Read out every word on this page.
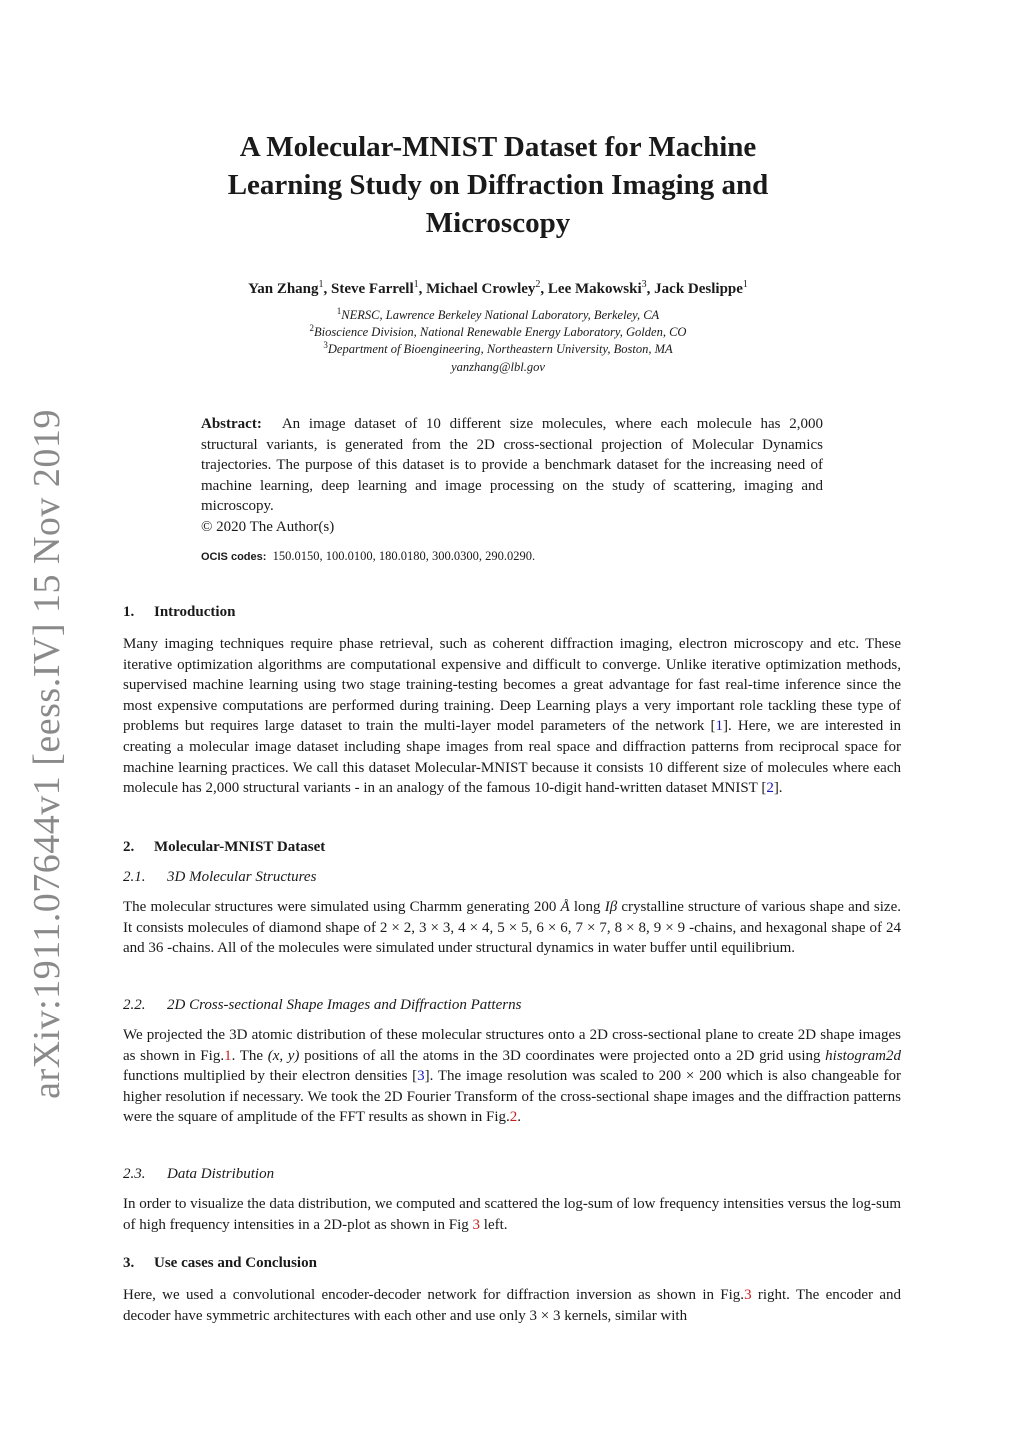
arXiv:1911.07644v1 [eess.IV] 15 Nov 2019
A Molecular-MNIST Dataset for Machine
Learning Study on Diffraction Imaging and
Microscopy
Yan Zhang$^1$, Steve Farrell$^1$, Michael Crowley$^2$, Lee Makowski$^3$, Jack Deslippe$^1$
$^1$NERSC, Lawrence Berkeley National Laboratory, Berkeley, CA
$^2$Bioscience Division, National Renewable Energy Laboratory, Golden, CO
$^3$Department of Bioengineering, Northeastern University, Boston, MA
yanzhang@lbl.gov
Abstract: An image dataset of 10 different size molecules, where each molecule has 2,000 structural variants, is generated from the 2D cross-sectional projection of Molecular Dynamics trajectories. The purpose of this dataset is to provide a benchmark dataset for the increasing need of machine learning, deep learning and image processing on the study of scattering, imaging and microscopy.
© 2020 The Author(s)
OCIS codes: 150.0150, 100.0100, 180.0180, 300.0300, 290.0290.
1. Introduction
Many imaging techniques require phase retrieval, such as coherent diffraction imaging, electron microscopy and etc. These iterative optimization algorithms are computational expensive and difficult to converge. Unlike iterative optimization methods, supervised machine learning using two stage training-testing becomes a great advantage for fast real-time inference since the most expensive computations are performed during training. Deep Learning plays a very important role tackling these type of problems but requires large dataset to train the multi-layer model parameters of the network [1]. Here, we are interested in creating a molecular image dataset including shape images from real space and diffraction patterns from reciprocal space for machine learning practices. We call this dataset Molecular-MNIST because it consists 10 different size of molecules where each molecule has 2,000 structural variants - in an analogy of the famous 10-digit hand-written dataset MNIST [2].
2. Molecular-MNIST Dataset
2.1. 3D Molecular Structures
The molecular structures were simulated using Charmm generating 200 Å long Iβ crystalline structure of various shape and size. It consists molecules of diamond shape of 2 × 2, 3 × 3, 4 × 4, 5 × 5, 6 × 6, 7 × 7, 8 × 8, 9 × 9 -chains, and hexagonal shape of 24 and 36 -chains. All of the molecules were simulated under structural dynamics in water buffer until equilibrium.
2.2. 2D Cross-sectional Shape Images and Diffraction Patterns
We projected the 3D atomic distribution of these molecular structures onto a 2D cross-sectional plane to create 2D shape images as shown in Fig.1. The (x, y) positions of all the atoms in the 3D coordinates were projected onto a 2D grid using histogram2d functions multiplied by their electron densities [3]. The image resolution was scaled to 200 × 200 which is also changeable for higher resolution if necessary. We took the 2D Fourier Transform of the cross-sectional shape images and the diffraction patterns were the square of amplitude of the FFT results as shown in Fig.2.
2.3. Data Distribution
In order to visualize the data distribution, we computed and scattered the log-sum of low frequency intensities versus the log-sum of high frequency intensities in a 2D-plot as shown in Fig 3 left.
3. Use cases and Conclusion
Here, we used a convolutional encoder-decoder network for diffraction inversion as shown in Fig.3 right. The encoder and decoder have symmetric architectures with each other and use only 3 × 3 kernels, similar with
